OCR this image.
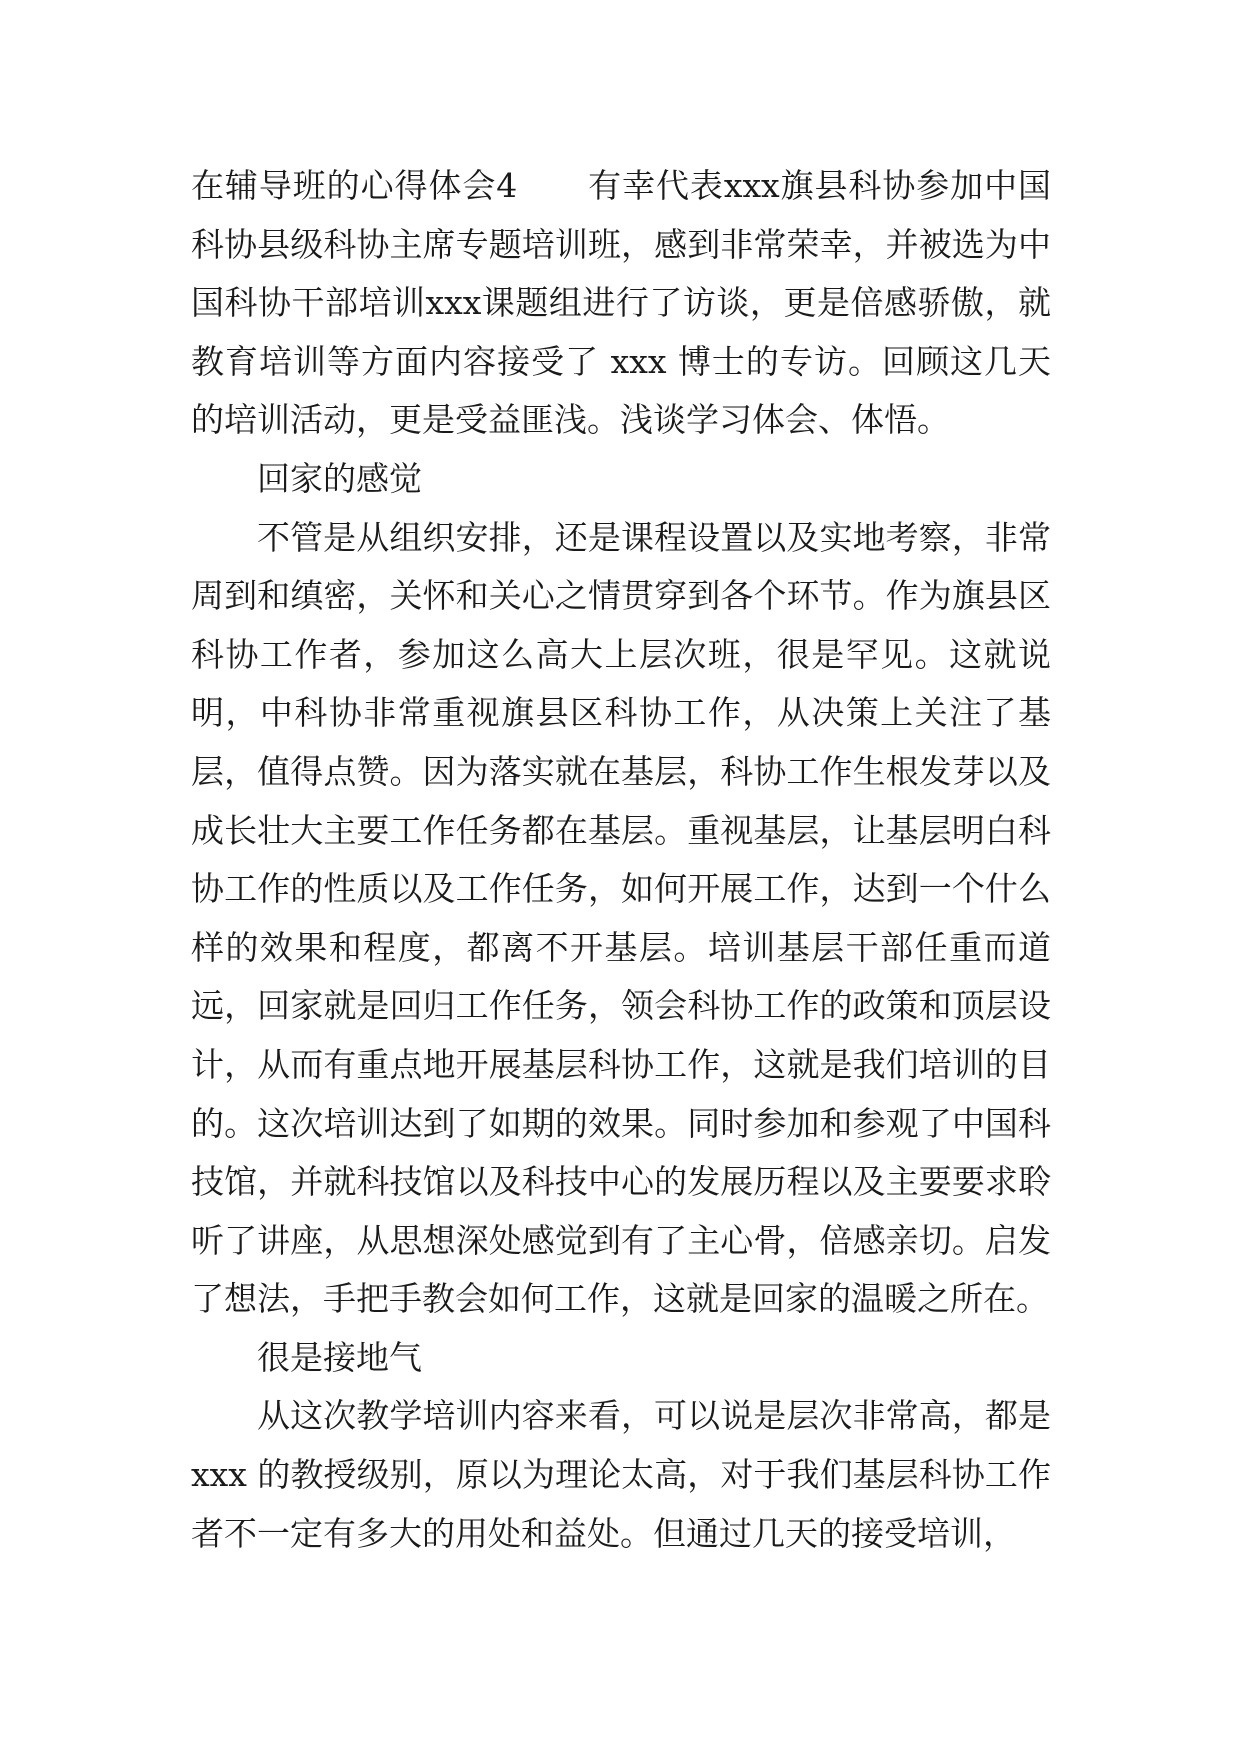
在辅导班的心得体会4 有幸代表xxx旗县科协参加中国科协县级科协主席专题培训班，感到非常荣幸，并被选为中国科协干部培训xxx课题组进行了访谈，更是倍感骄傲，就教育培训等方面内容接受了 xxx 博士的专访。回顾这几天的培训活动，更是受益匪浅。浅谈学习体会、体悟。

回家的感觉

不管是从组织安排，还是课程设置以及实地考察，非常周到和缜密，关怀和关心之情贯穿到各个环节。作为旗县区科协工作者，参加这么高大上层次班，很是罕见。这就说明，中科协非常重视旗县区科协工作，从决策上关注了基层，值得点赞。因为落实就在基层，科协工作生根发芽以及成长壮大主要工作任务都在基层。重视基层，让基层明白科协工作的性质以及工作任务，如何开展工作，达到一个什么样的效果和程度，都离不开基层。培训基层干部任重而道远，回家就是回归工作任务，领会科协工作的政策和顶层设计，从而有重点地开展基层科协工作，这就是我们培训的目的。这次培训达到了如期的效果。同时参加和参观了中国科技馆，并就科技馆以及科技中心的发展历程以及主要要求聆听了讲座，从思想深处感觉到有了主心骨，倍感亲切。启发了想法，手把手教会如何工作，这就是回家的温暖之所在。

很是接地气

从这次教学培训内容来看，可以说是层次非常高，都是 xxx 的教授级别，原以为理论太高，对于我们基层科协工作者不一定有多大的用处和益处。但通过几天的接受培训，
